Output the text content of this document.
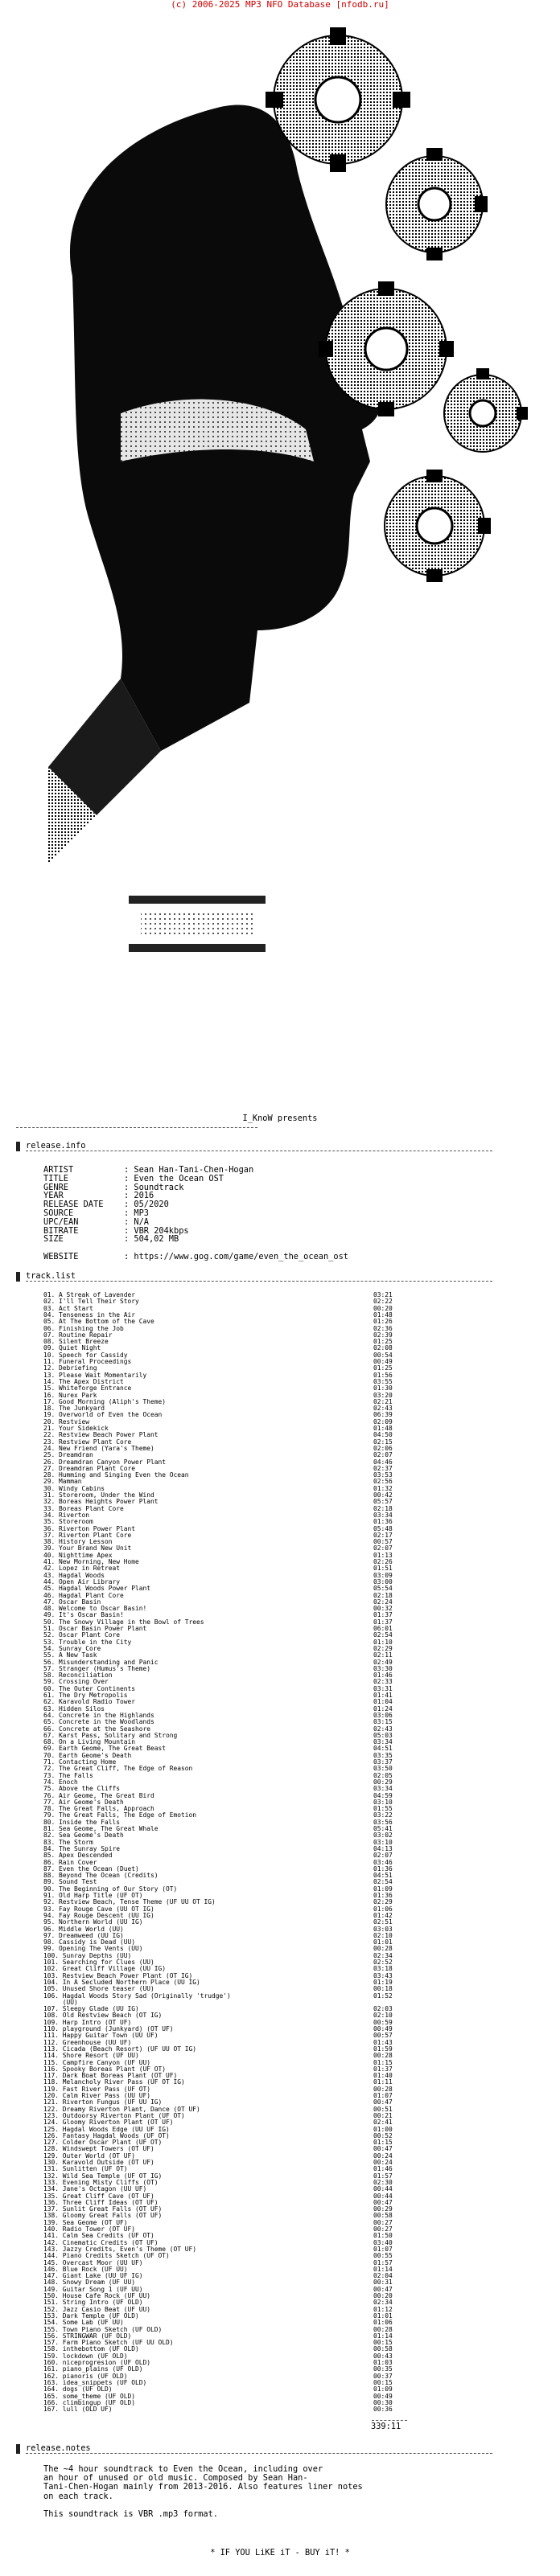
(c) 2006-2025 MP3 NFO Database [nfodb.ru]
I_KnoW presents

release.info

ARTIST	: Sean Han-Tani-Chen-Hogan
TITLE	: Even the Ocean OST
GENRE	: Soundtrack
YEAR	: 2016
RELEASE DATE : 05/2020
SOURCE	: MP3
UPC/EAN	: N/A
BITRATE	: VBR 204kbps
SIZE	: 504,02 MB
WEBSITE	: https://www.gog.com/game/even_the_ocean_ost

track.list

01. A Streak of Lavender	03:21
02. I'll Tell Their Story	02:22
03. Act Start	00:20
04. Tenseness in the Air	01:48
05. At The Bottom of the Cave	01:26
06. Finishing the Job	02:36
07. Routine Repair	02:39
08. Silent Breeze	01:25
09. Quiet Night	02:08
10. Speech for Cassidy	00:54
11. Funeral Proceedings	00:49
12. Debriefing	01:25
13. Please Wait Momentarily	01:56
14. The Apex District	03:55
15. Whiteforge Entrance	01:30
16. Nurex Park	03:20
17. Good Morning (Aliph's Theme)	02:21
18. The Junkyard	02:43
19. Overworld of Even the Ocean	06:39
20. Restview	02:09
21. Your Sidekick	01:48
22. Restview Beach Power Plant	04:50
23. Restview Plant Core	02:15
24. New Friend (Yara's Theme)	02:06
25. Dreamdran	02:07
26. Dreamdran Canyon Power Plant	04:46
27. Dreamdran Plant Core	02:37
28. Humming and Singing Even the Ocean	03:53
29. Mamman	02:56
30. Windy Cabins	01:32
31. Storeroom, Under the Wind	00:42
32. Boreas Heights Power Plant	05:57
33. Boreas Plant Core	02:18
34. Riverton	03:34
35. Storeroom	01:36
36. Riverton Power Plant	05:48
37. Riverton Plant Core	02:17
38. History Lesson	00:57
39. Your Brand New Unit	02:07
40. Nighttime Apex	01:13
41. New Morning, New Home	02:26
42. Lopez in Retreat	01:51
43. Hagdal Woods	03:09
44. Open Air Library	03:00
45. Hagdal Woods Power Plant	05:54
46. Hagdal Plant Core	02:18
47. Oscar Basin	02:24
48. Welcome to Oscar Basin!	00:32
49. It's Oscar Basin!	01:37
50. The Snowy Village in the Bowl of Trees	01:37
51. Oscar Basin Power Plant	06:01
52. Oscar Plant Core	02:54
53. Trouble in the City	01:10
54. Sunray Core	02:29
55. A New Task	02:11
56. Misunderstanding and Panic	02:49
57. Stranger (Humus's Theme)	03:30
58. Reconciliation	01:46
59. Crossing Over	02:33
60. The Outer Continents	03:31
61. The Dry Metropolis	01:41
62. Karavold Radio Tower	01:04
63. Hidden Silos	01:24
64. Concrete in the Highlands	03:06
65. Concrete in the Woodlands	03:15
66. Concrete at the Seashore	02:43
67. Karst Pass, Solitary and Strong	05:03
68. On a Living Mountain	03:34
69. Earth Geome, The Great Beast	04:51
70. Earth Geome's Death	03:35
71. Contacting Home	03:37
72. The Great Cliff, The Edge of Reason	03:50
73. The Falls	02:05
74. Enoch	00:29
75. Above the Cliffs	03:34
76. Air Geome, The Great Bird	04:59
77. Air Geome's Death	03:10
78. The Great Falls, Approach	01:55
79. The Great Falls, The Edge of Emotion	03:22
80. Inside the Falls	03:56
81. Sea Geome, The Great Whale	05:41
82. Sea Geome's Death	03:02
83. The Storm	03:10
84. The Sunray Spire	04:13
85. Apex Descended	02:07
86. Rain Cover	03:46
87. Even the Ocean (Duet)	01:36
88. Beyond The Ocean (Credits)	04:51
89. Sound Test	02:54
90. The Beginning of Our Story (OT)	01:09
91. Old Harp Title (UF OT)	01:36
92. Restview Beach, Tense Theme (UF UU OT IG)	02:29
93. Fay Rouge Cave (UU OT IG)	01:06
94. Fay Rouge Descent (UU IG)	01:42
95. Northern World (UU IG)	02:51
96. Middle World (UU)	03:03
97. Dreamweed (UU IG)	02:10
98. Cassidy is Dead (UU)	01:01
99. Opening The Vents (UU)	00:28
100. Sunray Depths (UU)	02:34
101. Searching for Clues (UU)	02:52
102. Great Cliff Village (UU IG)	03:18
103. Restview Beach Power Plant (OT IG)	03:43
104. In A Secluded Northern Place (UU IG)	01:19
105. Unused Shore teaser (UU)	00:18
106. Hagdal Woods Story Sad (Originally 'trudge')	01:52
(UU)
107. Sleepy Glade (UU IG)	02:03
108. Old Restview Beach (OT IG)	02:10
109. Harp Intro (OT UF)	00:59
110. playground (Junkyard) (OT UF)	00:49
111. Happy Guitar Town (UU UF)	00:57
112. Greenhouse (UU UF)	01:43
113. Cicada (Beach Resort) (UF UU OT IG)	01:59
114. Shore Resort (UF UU)	00:28
115. Campfire Canyon (UF UU)	01:15
116. Spooky Boreas Plant (UF OT)	01:37
117. Dark Boat Boreas Plant (OT UF)	01:40
118. Melancholy River Pass (UF OT IG)	01:11
119. Fast River Pass (UF OT)	00:28
120. Calm River Pass (UU UF)	01:07
121. Riverton Fungus (UF UU IG)	00:47
122. Dreamy Riverton Plant, Dance (OT UF)	00:51
123. Outdoorsy Riverton Plant (UF OT)	00:21
124. Gloomy Riverton Plant (OT UF)	02:41
125. Hagdal Woods Edge (UU UF IG)	01:00
126. Fantasy Hagdal Woods (UF OT)	00:52
127. Colder Oscar Plant (UF OT)	01:15
128. Windswept Towers (OT UF)	00:47
129. Outer World (OT UF)	00:24
130. Karavold Outside (OT UF)	00:24
131. Sunlitten (UF OT)	01:46
132. Wild Sea Temple (UF OT IG)	01:57
133. Evening Misty Cliffs (OT)	02:30
134. Jane's Octagon (UU UF)	00:44
135. Great Cliff Cave (OT UF)	00:44
136. Three Cliff Ideas (OT UF)	00:47
137. Sunlit Great Falls (OT UF)	00:29
138. Gloomy Great Falls (OT UF)	00:58
139. Sea Geome (OT UF)	00:27
140. Radio Tower (OT UF)	00:27
141. Calm Sea Credits (UF OT)	01:50
142. Cinematic Credits (OT UF)	03:40
143. Jazzy Credits, Even's Theme (OT UF)	01:07
144. Piano Credits Sketch (UF OT)	00:55
145. Overcast Moor (UU UF)	01:57
146. Blue Rock (UF UU)	01:14
147. Giant Lake (UU UF IG)	02:04
148. Snowy Dream (UF UU)	00:31
149. Guitar Song 1 (UF UU)	00:47
150. House Cafe Rock (UF UU)	00:20
151. String Intro (UF OLD)	02:34
152. Jazz Casio Beat (UF UU)	01:12
153. Dark Temple (UF OLD)	01:01
154. Some Lab (UF UU)	01:06
155. Town Piano Sketch (UF OLD)	00:28
156. STRINGWAR (UF OLD)	01:14
157. Farm Piano Sketch (UF UU OLD)	00:15
158. inthebottom (UF OLD)	00:58
159. lockdown (UF OLD)	00:43
160. niceprogresion (UF OLD)	01:03
161. piano_plains (UF OLD)	00:35
162. pianoris (UF OLD)	00:37
163. idea_snippets (UF OLD)	00:15
164. dogs (UF OLD)	01:09
165. some_theme (UF OLD)	00:49
166. climbingup (UF OLD)	00:30
167. lull (OLD UF)	00:36
339:11

release.notes

The ~4 hour soundtrack to Even the Ocean, including over
an hour of unused or old music. Composed by Sean Han-
Tani-Chen-Hogan mainly from 2013-2016. Also features liner notes
on each track.
This soundtrack is VBR .mp3 format.
* IF YOU LiKE iT - BUY iT! *
